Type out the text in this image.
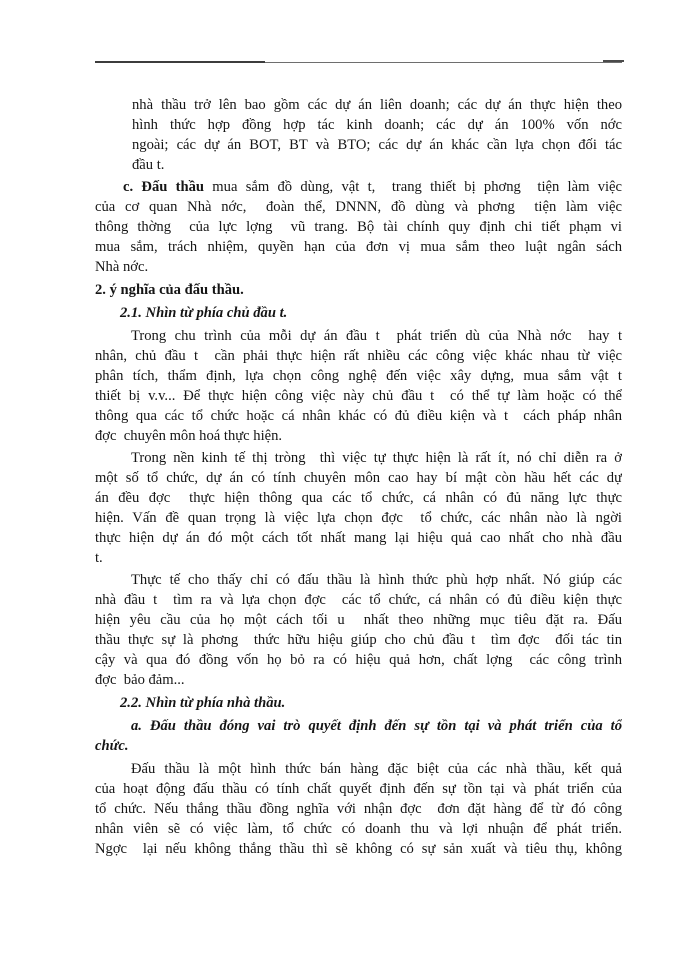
nhà thầu trở lên bao gồm các dự án liên doanh; các dự án thực hiện theo
hình thức hợp đồng hợp tác kinh doanh; các dự án 100% vốn nớc
ngoài; các dự án BOT, BT và BTO; các dự án khác cần lựa chọn đối tác
đầu t.
c. Đấu thầu mua sắm đồ dùng, vật t,  trang thiết bị phơng  tiện làm việc
của cơ quan Nhà nớc,  đoàn thể, DNNN, đồ dùng và phơng  tiện làm việc
thông thờng  của lực lợng  vũ trang. Bộ tài chính quy định chi tiết phạm vi
mua sắm, trách nhiệm, quyền hạn của đơn vị mua sắm theo luật ngân sách
Nhà nớc.
2. ý nghĩa của đấu thầu.
2.1. Nhìn từ phía chủ đầu t.
Trong chu trình của mỗi dự án đầu t  phát triển dù của Nhà nớc  hay t
nhân, chủ đầu t  cần phải thực hiện rất nhiều các công việc khác nhau từ việc
phân tích, thẩm định, lựa chọn công nghệ đến việc xây dựng, mua sắm vật t
thiết bị v.v... Để thực hiện công việc này chủ đầu t  có thể tự làm hoặc có thể
thông qua các tổ chức hoặc cá nhân khác có đủ điều kiện và t  cách pháp nhân
đợc  chuyên môn hoá thực hiện.
Trong nền kinh tế thị tròng  thì việc tự thực hiện là rất ít, nó chỉ diễn ra ở
một số tổ chức, dự án có tính chuyên môn cao hay bí mật còn hầu hết các dự
án đều đợc  thực hiện thông qua các tổ chức, cá nhân có đủ năng lực thực
hiện. Vấn đề quan trọng là việc lựa chọn đợc  tổ chức, các nhân nào là ngời
thực hiện dự án đó một cách tốt nhất mang lại hiệu quả cao nhất cho nhà đầu
t.
Thực tế cho thấy chỉ có đấu thầu là hình thức phù hợp nhất. Nó giúp các
nhà đầu t  tìm ra và lựa chọn đợc  các tổ chức, cá nhân có đủ điều kiện thực
hiện yêu cầu của họ một cách tối u  nhất theo những mục tiêu đặt ra. Đấu
thầu thực sự là phơng  thức hữu hiệu giúp cho chủ đầu t  tìm đợc  đối tác tin
cậy và qua đó đồng vốn họ bỏ ra có hiệu quả hơn, chất lợng  các công trình
đợc  bảo đảm...
2.2. Nhìn từ phía nhà thầu.
a. Đấu thầu đóng vai trò quyết định đến sự tồn tại và phát triển của tổ
chức.
Đấu thầu là một hình thức bán hàng đặc biệt của các nhà thầu, kết quả
của hoạt động đấu thầu có tính chất quyết định đến sự tồn tại và phát triển của
tổ chức. Nếu thắng thầu đồng nghĩa với nhận đợc  đơn đặt hàng để từ đó công
nhân viên sẽ có việc làm, tổ chức có doanh thu và lợi nhuận để phát triển.
Ngợc  lại nếu không thắng thầu thì sẽ không có sự sản xuất và tiêu thụ, không
